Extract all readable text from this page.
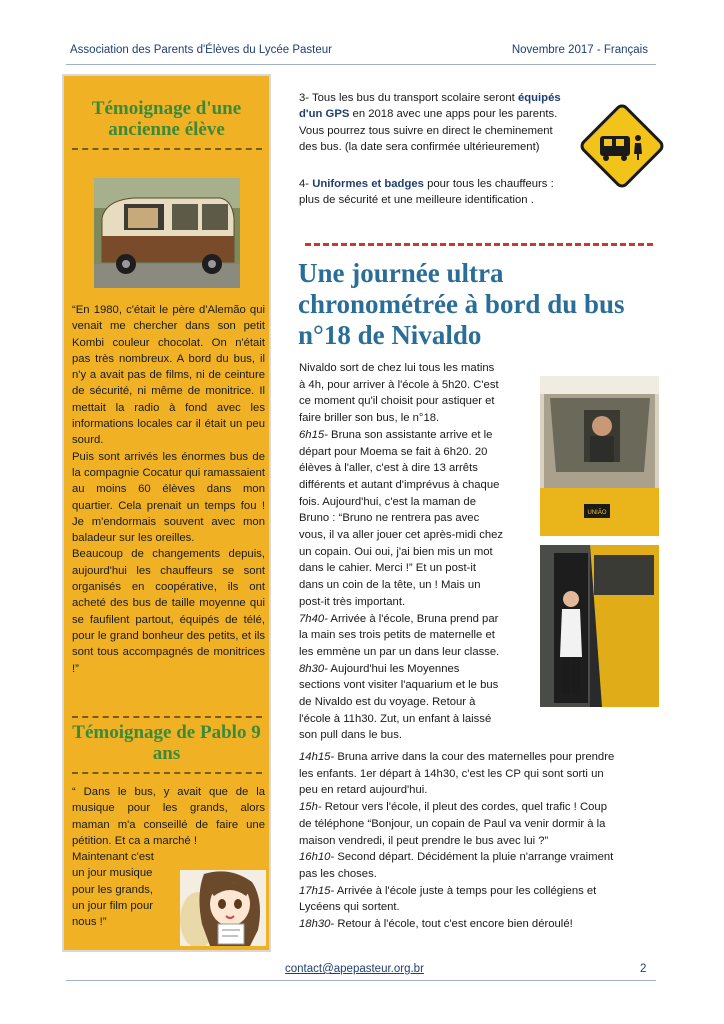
Association des Parents d'Élèves du Lycée Pasteur	Novembre 2017 - Français
Témoignage d'une ancienne élève

“En 1980, c'était le père d'Alemão qui venait me chercher dans son petit Kombi couleur chocolat. On n'était pas très nombreux. A bord du bus, il n'y a avait pas de films, ni de ceinture de sécurité, ni même de monitrice. Il mettait la radio à fond avec les informations locales car il était un peu sourd.

Puis sont arrivés les énormes bus de la compagnie Cocatur qui ramassaient au moins 60 élèves dans mon quartier. Cela prenait un temps fou ! Je m'endormais souvent avec mon baladeur sur les oreilles.

Beaucoup de changements depuis, aujourd'hui les chauffeurs se sont organisés en coopérative, ils ont acheté des bus de taille moyenne qui se faufilent partout, équipés de télé, pour le grand bonheur des petits, et ils sont tous accompagnés de monitrices !”

Témoignage de Pablo 9 ans

“ Dans le bus, y avait que de la musique pour les grands, alors maman m'a conseillé de faire une pétition. Et ca a marché !

Maintenant c'est
un jour musique
pour les grands,
un jour film pour
nous !”
3- Tous les bus du transport scolaire seront équipés d'un GPS en 2018 avec une apps pour les parents. Vous pourrez tous suivre en direct le cheminement des bus. (la date sera confirmée ultérieurement)
4- Uniformes et badges pour tous les chauffeurs : plus de sécurité et une meilleure identification .
Une journée ultra chronométrée à bord du bus n°18 de Nivaldo
Nivaldo sort de chez lui tous les matins
à 4h, pour arriver à l'école à 5h20. C'est
ce moment qu'il choisit pour astiquer et
faire briller son bus, le n°18.
6h15- Bruna son assistante arrive et le
départ pour Moema se fait à 6h20. 20
élèves à l'aller, c'est à dire 13 arrêts
différents et autant d'imprévus à chaque
fois. Aujourd'hui, c'est la maman de
Bruno : “Bruno ne rentrera pas avec
vous, il va aller jouer cet après-midi chez
un copain. Oui oui, j'ai bien mis un mot
dans le cahier. Merci !” Et un post-it
dans un coin de la tête, un ! Mais un
post-it très important.
7h40- Arrivée à l'école, Bruna prend par
la main ses trois petits de maternelle et
les emmène un par un dans leur classe.
8h30- Aujourd'hui les Moyennes
sections vont visiter l'aquarium et le bus
de Nivaldo est du voyage. Retour à
l'école à 11h30. Zut, un enfant à laissé
son pull dans le bus.
14h15- Bruna arrive dans la cour des maternelles pour prendre
les enfants. 1er départ à 14h30, c'est les CP qui sont sorti un
peu en retard aujourd'hui.
15h- Retour vers l'école, il pleut des cordes, quel trafic ! Coup
de téléphone “Bonjour, un copain de Paul va venir dormir à la
maison vendredi, il peut prendre le bus avec lui ?”
16h10- Second départ. Décidément la pluie n'arrange vraiment
pas les choses.
17h15- Arrivée à l'école juste à temps pour les collégiens et
Lycéens qui sortent.
18h30- Retour à l'école, tout c'est encore bien déroulé!
UNIÃO
contact@apepasteur.org.br	2
